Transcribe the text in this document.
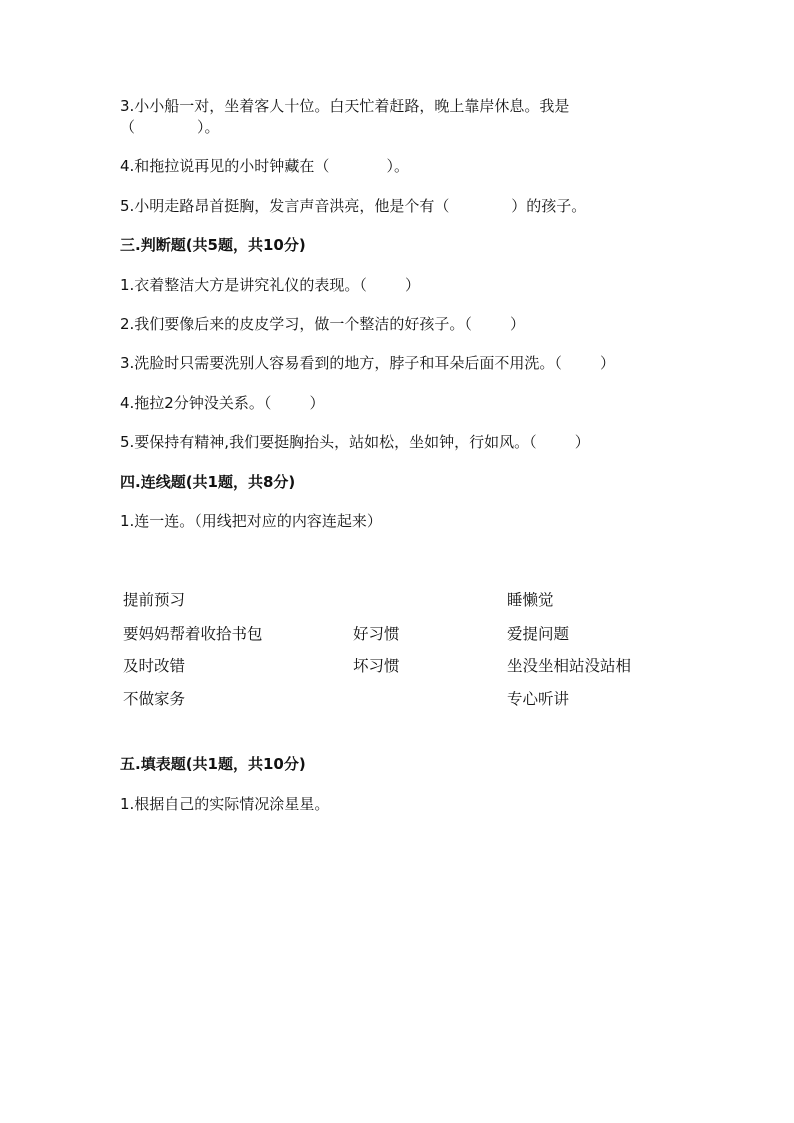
3.小小船一对，坐着客人十位。白天忙着赶路，晚上靠岸休息。我是
（             ）。
4.和拖拉说再见的小时钟藏在（            ）。
5.小明走路昂首挺胸，发言声音洪亮，他是个有（             ）的孩子。
三.判断题(共5题，共10分)
1.衣着整洁大方是讲究礼仪的表现。（        ）
2.我们要像后来的皮皮学习，做一个整洁的好孩子。（        ）
3.洗脸时只需要洗别人容易看到的地方，脖子和耳朵后面不用洗。（        ）
4.拖拉2分钟没关系。（        ）
5.要保持有精神,我们要挺胸抬头，站如松，坐如钟，行如风。（        ）
四.连线题(共1题，共8分)
1.连一连。（用线把对应的内容连起来）
提前预习
要妈妈帮着收拾书包
及时改错
不做家务
好习惯
坏习惯
睡懒觉
爱提问题
坐没坐相站没站相
专心听讲
五.填表题(共1题，共10分)
1.根据自己的实际情况涂星星。
